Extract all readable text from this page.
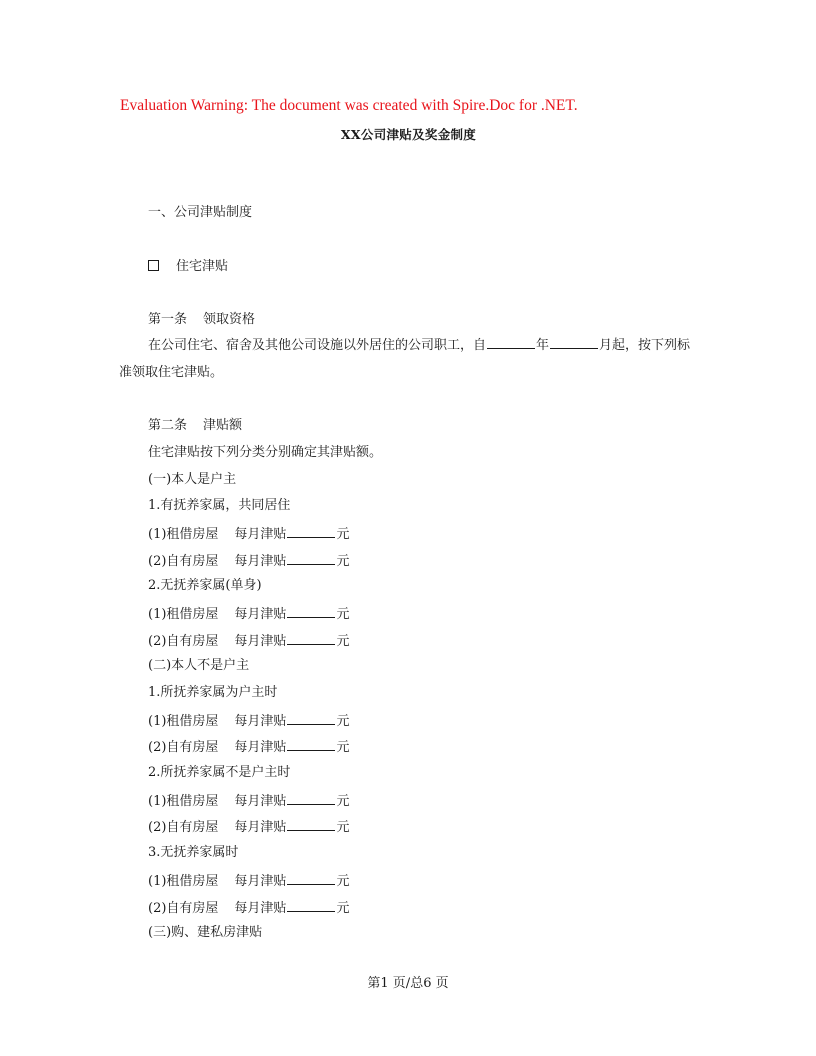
Evaluation Warning: The document was created with Spire.Doc for .NET.
XX公司津贴及奖金制度
一、公司津贴制度
住宅津贴
第一条 领取资格
在公司住宅、宿舍及其他公司设施以外居住的公司职工，自	年	月起，按下列标准领取住宅津贴。
第二条 津贴额
住宅津贴按下列分类分别确定其津贴额。
(一)本人是户主
1.有抚养家属，共同居住
(1)租借房屋 每月津贴	元
(2)自有房屋 每月津贴	元
2.无抚养家属(单身)
(1)租借房屋 每月津贴	元
(2)自有房屋 每月津贴	元
(二)本人不是户主
1.所抚养家属为户主时
(1)租借房屋 每月津贴	元
(2)自有房屋 每月津贴	元
2.所抚养家属不是户主时
(1)租借房屋 每月津贴	元
(2)自有房屋 每月津贴	元
3.无抚养家属时
(1)租借房屋 每月津贴	元
(2)自有房屋 每月津贴	元
(三)购、建私房津贴
第1 页/总6 页
